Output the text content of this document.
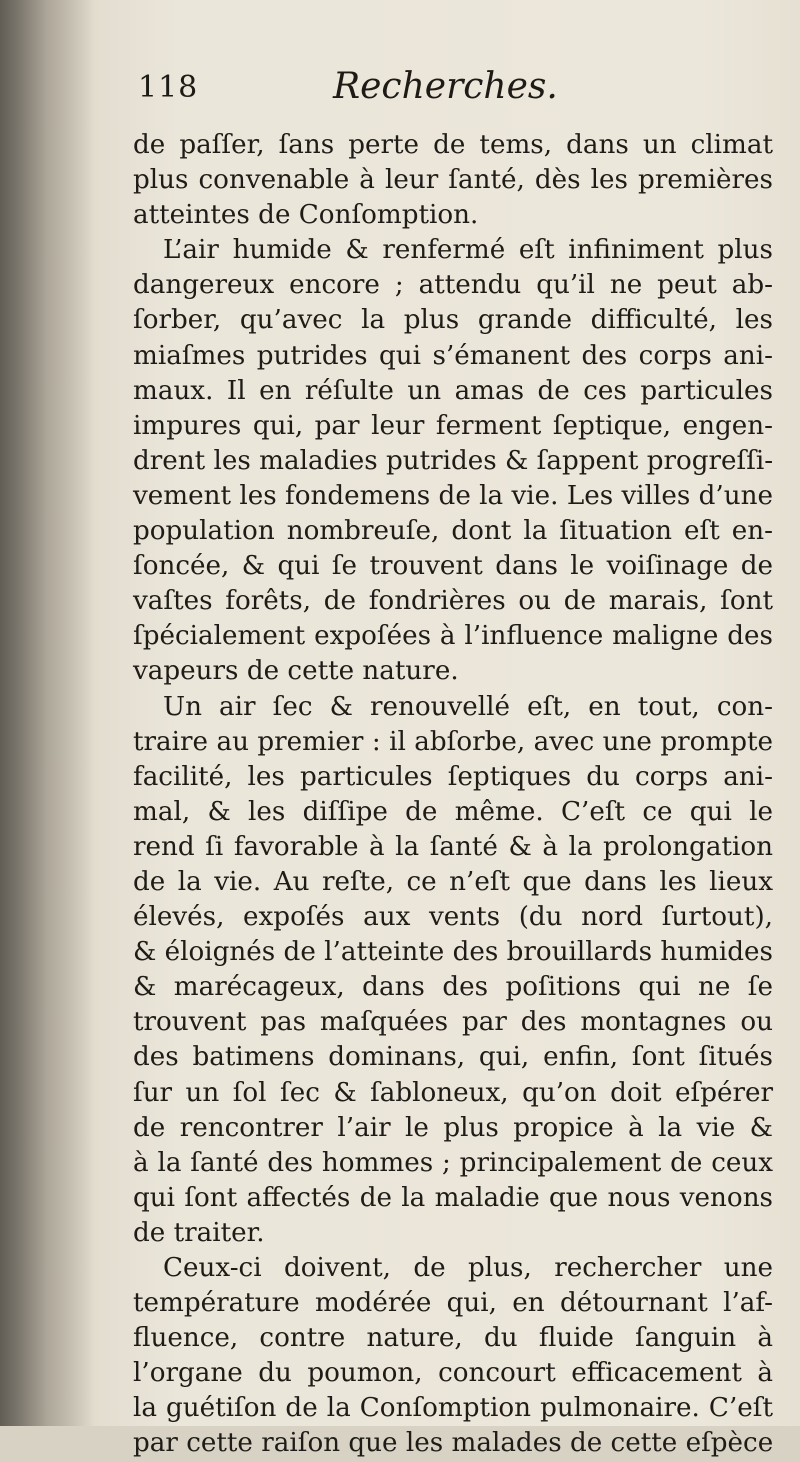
118	Recherches.
de paſſer, ſans perte de tems, dans un climat
plus convenable à leur ſanté, dès les premières
atteintes de Conſomption.
L’air humide & renfermé eſt infiniment plus
dangereux encore ; attendu qu’il ne peut ab-
ſorber, qu’avec la plus grande difficulté, les
miaſmes putrides qui s’émanent des corps ani-
maux. Il en réſulte un amas de ces particules
impures qui, par leur ferment ſeptique, engen-
drent les maladies putrides & ſappent progreſſi-
vement les fondemens de la vie. Les villes d’une
population nombreuſe, dont la ſituation eſt en-
ſoncée, & qui ſe trouvent dans le voiſinage de
vaſtes forêts, de fondrières ou de marais, ſont
ſpécialement expoſées à l’influence maligne des
vapeurs de cette nature.
Un air ſec & renouvellé eſt, en tout, con-
traire au premier : il abſorbe, avec une prompte
facilité, les particules ſeptiques du corps ani-
mal, & les diſſipe de même. C’eſt ce qui le
rend ſi favorable à la ſanté & à la prolongation
de la vie. Au reſte, ce n’eſt que dans les lieux
élevés, expoſés aux vents (du nord ſurtout),
& éloignés de l’atteinte des brouillards humides
& marécageux, dans des poſitions qui ne ſe
trouvent pas maſquées par des montagnes ou
des batimens dominans, qui, enfin, ſont ſitués
ſur un ſol ſec & ſabloneux, qu’on doit eſpérer
de rencontrer l’air le plus propice à la vie &
à la ſanté des hommes ; principalement de ceux
qui ſont affectés de la maladie que nous venons
de traiter.
Ceux-ci doivent, de plus, rechercher une
température modérée qui, en détournant l’af-
fluence, contre nature, du fluide ſanguin à
l’organe du poumon, concourt efficacement à
la guétiſon de la Conſomption pulmonaire. C’eſt
par cette raiſon que les malades de cette eſpèce
